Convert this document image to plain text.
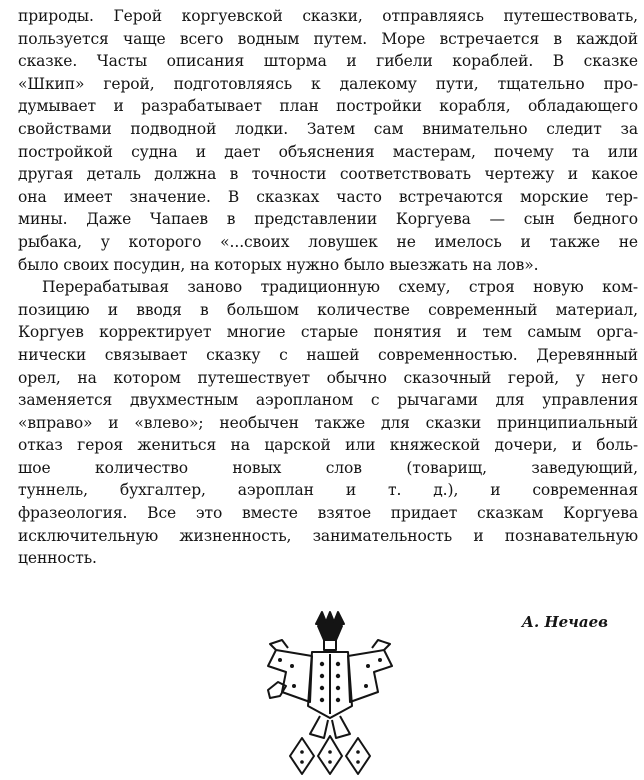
природы. Герой коргуевской сказки, отправляясь путешествовать,
пользуется чаще всего водным путем. Море встречается в каждой
сказке. Часты описания шторма и гибели кораблей. В сказке
«Шкип» герой, подготовляясь к далекому пути, тщательно про-
думывает и разрабатывает план постройки корабля, обладающего
свойствами подводной лодки. Затем сам внимательно следит за
постройкой судна и дает объяснения мастерам, почему та или
другая деталь должна в точности соответствовать чертежу и какое
она имеет значение. В сказках часто встречаются морские тер-
мины. Даже Чапаев в представлении Коргуева — сын бедного
рыбака, у которого «...своих ловушек не имелось и также не
было своих посудин, на которых нужно было выезжать на лов».
Перерабатывая заново традиционную схему, строя новую ком-
позицию и вводя в большом количестве современный материал,
Коргуев корректирует многие старые понятия и тем самым орга-
нически связывает сказку с нашей современностью. Деревянный
орел, на котором путешествует обычно сказочный герой, у него
заменяется двухместным аэропланом с рычагами для управления
«вправо» и «влево»; необычен также для сказки принципиальный
отказ героя жениться на царской или княжеской дочери, и боль-
шое количество новых слов (товарищ, заведующий,
туннель, бухгалтер, аэроплан и т. д.), и современная
фразеология. Все это вместе взятое придает сказкам Коргуева
исключительную жизненность, занимательность и познавательную
ценность.
А. Нечаев
